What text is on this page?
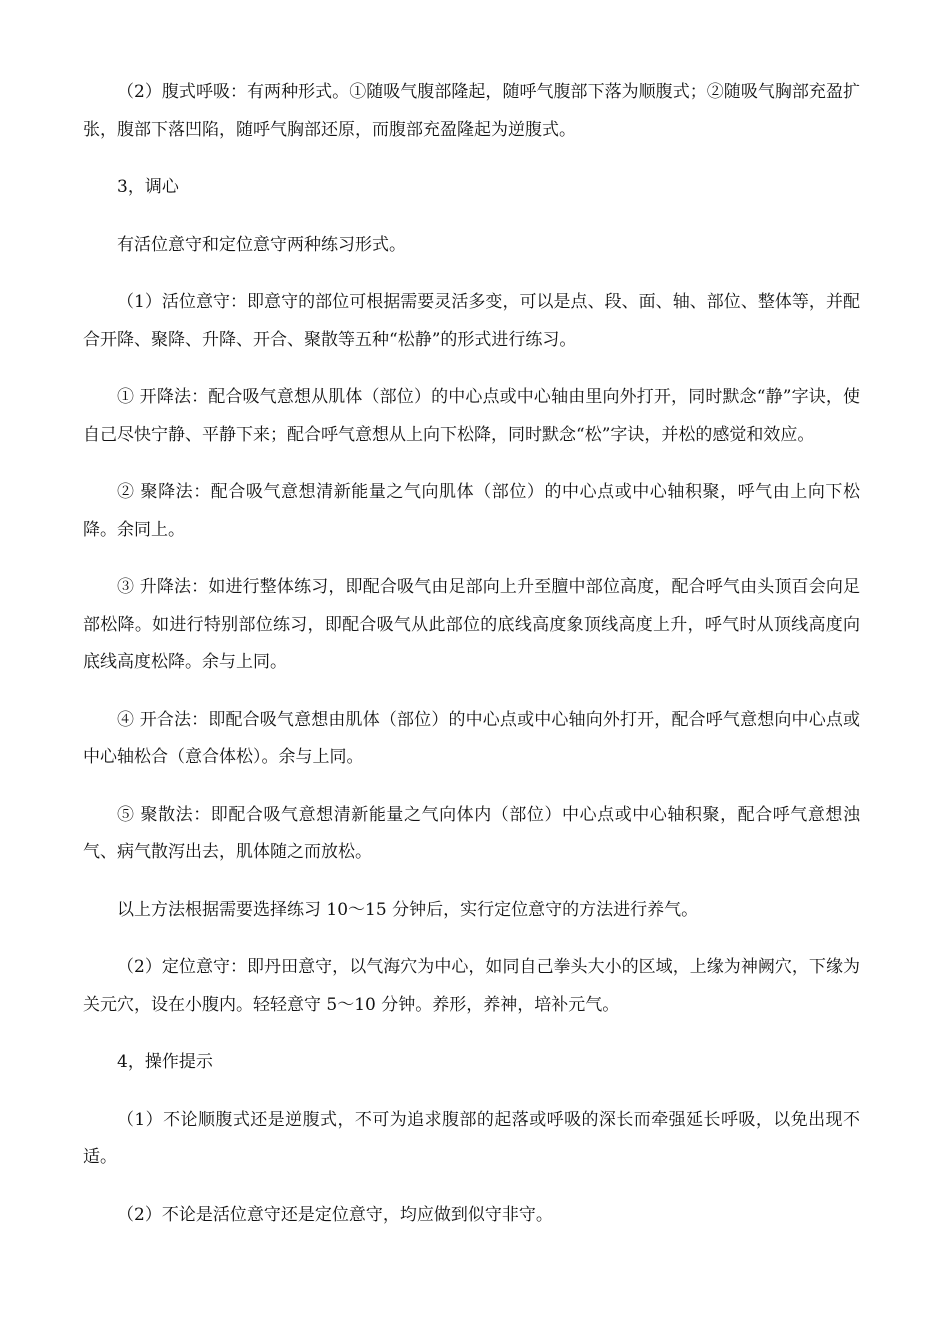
（2）腹式呼吸：有两种形式。①随吸气腹部隆起，随呼气腹部下落为顺腹式；②随吸气胸部充盈扩张，腹部下落凹陷，随呼气胸部还原，而腹部充盈隆起为逆腹式。

3，调心

有活位意守和定位意守两种练习形式。

（1）活位意守：即意守的部位可根据需要灵活多变，可以是点、段、面、轴、部位、整体等，并配合开降、聚降、升降、开合、聚散等五种“松静”的形式进行练习。

① 开降法：配合吸气意想从肌体（部位）的中心点或中心轴由里向外打开，同时默念“静”字诀，使自己尽快宁静、平静下来；配合呼气意想从上向下松降，同时默念“松”字诀，并松的感觉和效应。

② 聚降法：配合吸气意想清新能量之气向肌体（部位）的中心点或中心轴积聚，呼气由上向下松降。余同上。

③ 升降法：如进行整体练习，即配合吸气由足部向上升至膻中部位高度，配合呼气由头顶百会向足部松降。如进行特别部位练习，即配合吸气从此部位的底线高度象顶线高度上升，呼气时从顶线高度向底线高度松降。余与上同。

④ 开合法：即配合吸气意想由肌体（部位）的中心点或中心轴向外打开，配合呼气意想向中心点或中心轴松合（意合体松）。余与上同。

⑤ 聚散法：即配合吸气意想清新能量之气向体内（部位）中心点或中心轴积聚，配合呼气意想浊气、病气散泻出去，肌体随之而放松。

以上方法根据需要选择练习 10～15 分钟后，实行定位意守的方法进行养气。

（2）定位意守：即丹田意守，以气海穴为中心，如同自己拳头大小的区域，上缘为神阙穴，下缘为关元穴，设在小腹内。轻轻意守 5～10 分钟。养形，养神，培补元气。

4，操作提示

（1）不论顺腹式还是逆腹式，不可为追求腹部的起落或呼吸的深长而牵强延长呼吸，以免出现不适。

（2）不论是活位意守还是定位意守，均应做到似守非守。
